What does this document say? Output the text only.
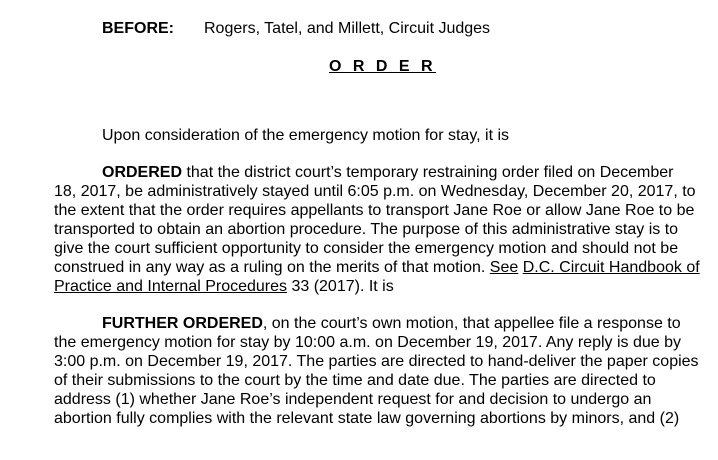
BEFORE: Rogers, Tatel, and Millett, Circuit Judges
O R D E R
Upon consideration of the emergency motion for stay, it is
ORDERED that the district court’s temporary restraining order filed on December
18, 2017, be administratively stayed until 6:05 p.m. on Wednesday, December 20, 2017, to
the extent that the order requires appellants to transport Jane Roe or allow Jane Roe to be
transported to obtain an abortion procedure. The purpose of this administrative stay is to
give the court sufficient opportunity to consider the emergency motion and should not be
construed in any way as a ruling on the merits of that motion. See D.C. Circuit Handbook of
Practice and Internal Procedures 33 (2017). It is
FURTHER ORDERED, on the court’s own motion, that appellee file a response to
the emergency motion for stay by 10:00 a.m. on December 19, 2017. Any reply is due by
3:00 p.m. on December 19, 2017. The parties are directed to hand-deliver the paper copies
of their submissions to the court by the time and date due. The parties are directed to
address (1) whether Jane Roe’s independent request for and decision to undergo an
abortion fully complies with the relevant state law governing abortions by minors, and (2)
